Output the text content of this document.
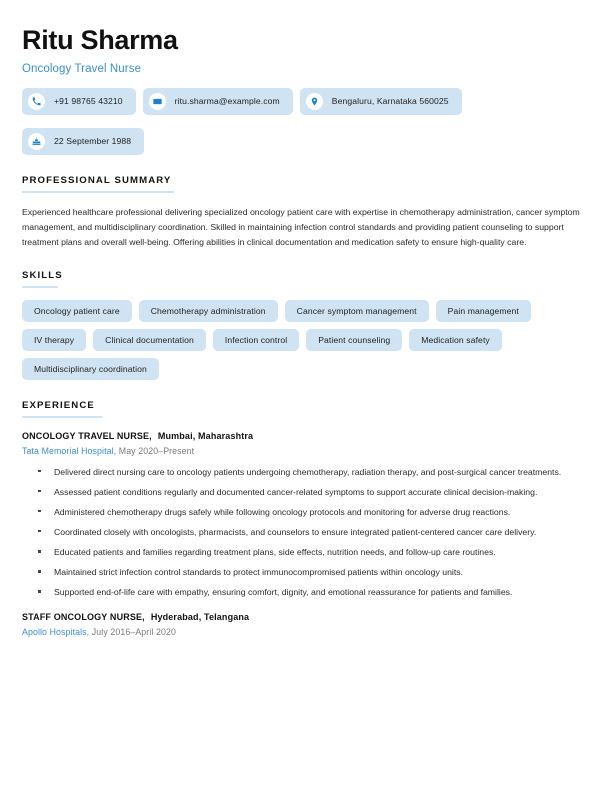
Ritu Sharma
Oncology Travel Nurse
+91 98765 43210	ritu.sharma@example.com	Bengaluru, Karnataka 560025
22 September 1988
PROFESSIONAL SUMMARY

Experienced healthcare professional delivering specialized oncology patient care with expertise in chemotherapy administration, cancer symptom management, and multidisciplinary coordination. Skilled in maintaining infection control standards and providing patient counseling to support treatment plans and overall well-being. Offering abilities in clinical documentation and medication safety to ensure high-quality care.

SKILLS
Oncology patient care	Chemotherapy administration	Cancer symptom management	Pain management
IV therapy	Clinical documentation	Infection control	Patient counseling	Medication safety
Multidisciplinary coordination
EXPERIENCE
ONCOLOGY TRAVEL NURSE, Mumbai, Maharashtra
Tata Memorial Hospital, May 2020–Present
Delivered direct nursing care to oncology patients undergoing chemotherapy, radiation therapy, and post-surgical cancer treatments.
Assessed patient conditions regularly and documented cancer-related symptoms to support accurate clinical decision-making.
Administered chemotherapy drugs safely while following oncology protocols and monitoring for adverse drug reactions.
Coordinated closely with oncologists, pharmacists, and counselors to ensure integrated patient-centered cancer care delivery.
Educated patients and families regarding treatment plans, side effects, nutrition needs, and follow-up care routines.
Maintained strict infection control standards to protect immunocompromised patients within oncology units.
Supported end-of-life care with empathy, ensuring comfort, dignity, and emotional reassurance for patients and families.
STAFF ONCOLOGY NURSE, Hyderabad, Telangana
Apollo Hospitals, July 2016–April 2020
